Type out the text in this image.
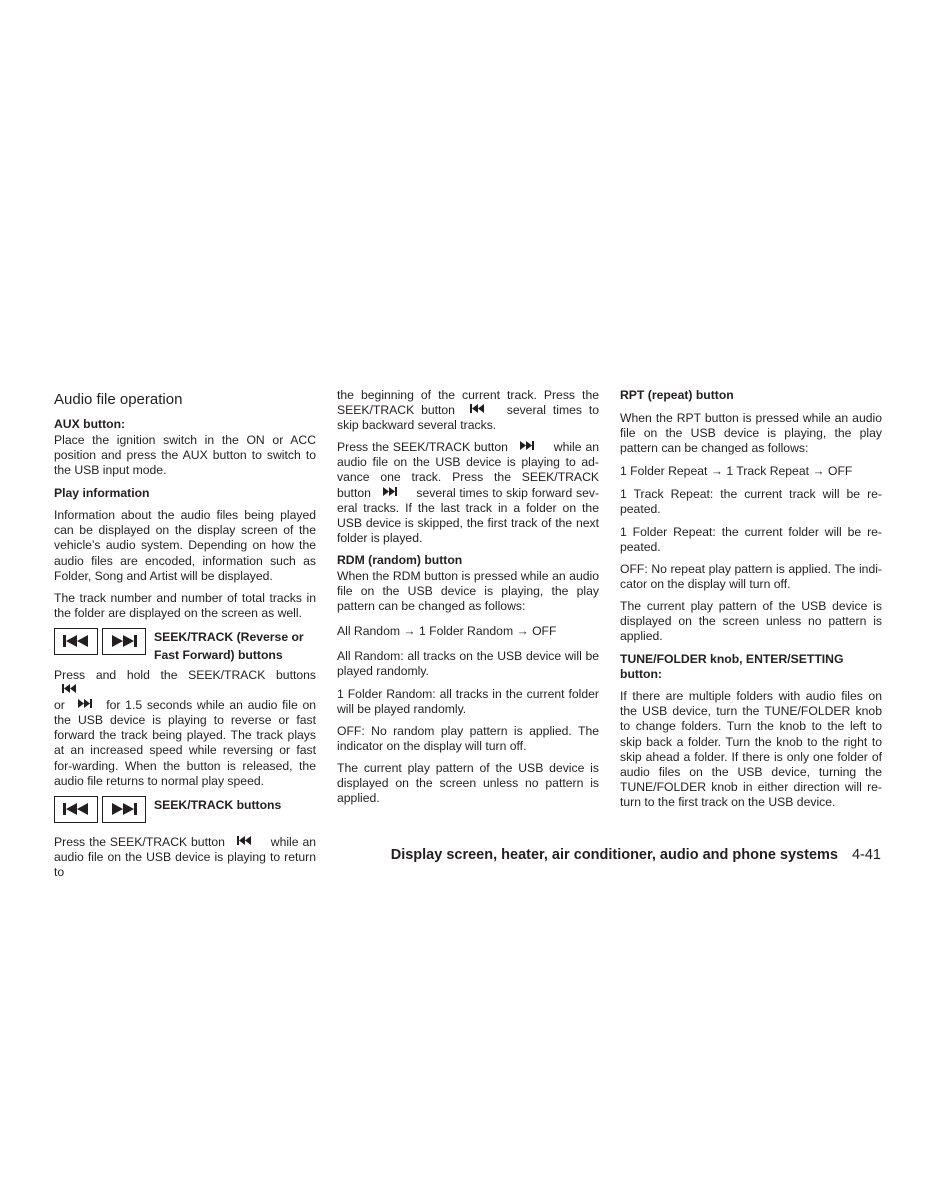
Audio file operation
AUX button:

Place the ignition switch in the ON or ACC position and press the AUX button to switch to the USB input mode.

Play information

Information about the audio files being played can be displayed on the display screen of the vehicle’s audio system. Depending on how the audio files are encoded, information such as Folder, Song and Artist will be displayed.

The track number and number of total tracks in the folder are displayed on the screen as well.

SEEK/TRACK (Reverse or
Fast Forward) buttons

Press and hold the SEEK/TRACK buttons

or	for 1.5 seconds while an audio file on the USB device is playing to reverse or fast forward the track being played. The track plays at an increased speed while reversing or fast for-warding. When the button is released, the audio file returns to normal play speed.

SEEK/TRACK buttons

Press the SEEK/TRACK button	while an audio file on the USB device is playing to return to

the beginning of the current track. Press the SEEK/TRACK button	several times to skip backward several tracks.

Press the SEEK/TRACK button	while an audio file on the USB device is playing to ad-vance one track. Press the SEEK/TRACK button	several times to skip forward sev-eral tracks. If the last track in a folder on the USB device is skipped, the first track of the next folder is played.

RDM (random) button

When the RDM button is pressed while an audio file on the USB device is playing, the play pattern can be changed as follows:

All Random → 1 Folder Random → OFF

All Random: all tracks on the USB device will be played randomly.

1 Folder Random: all tracks in the current folder will be played randomly.

OFF: No random play pattern is applied. The indicator on the display will turn off.

The current play pattern of the USB device is displayed on the screen unless no pattern is applied.

RPT (repeat) button

When the RPT button is pressed while an audio file on the USB device is playing, the play pattern can be changed as follows:

1 Folder Repeat → 1 Track Repeat → OFF

1 Track Repeat: the current track will be re-peated.

1 Folder Repeat: the current folder will be re-peated.

OFF: No repeat play pattern is applied. The indi-cator on the display will turn off.

The current play pattern of the USB device is displayed on the screen unless no pattern is applied.

TUNE/FOLDER knob, ENTER/SETTING
button:

If there are multiple folders with audio files on the USB device, turn the TUNE/FOLDER knob to change folders. Turn the knob to the left to skip back a folder. Turn the knob to the right to skip ahead a folder. If there is only one folder of audio files on the USB device, turning the TUNE/FOLDER knob in either direction will re-turn to the first track on the USB device.

Display screen, heater, air conditioner, audio and phone systems 4-41
